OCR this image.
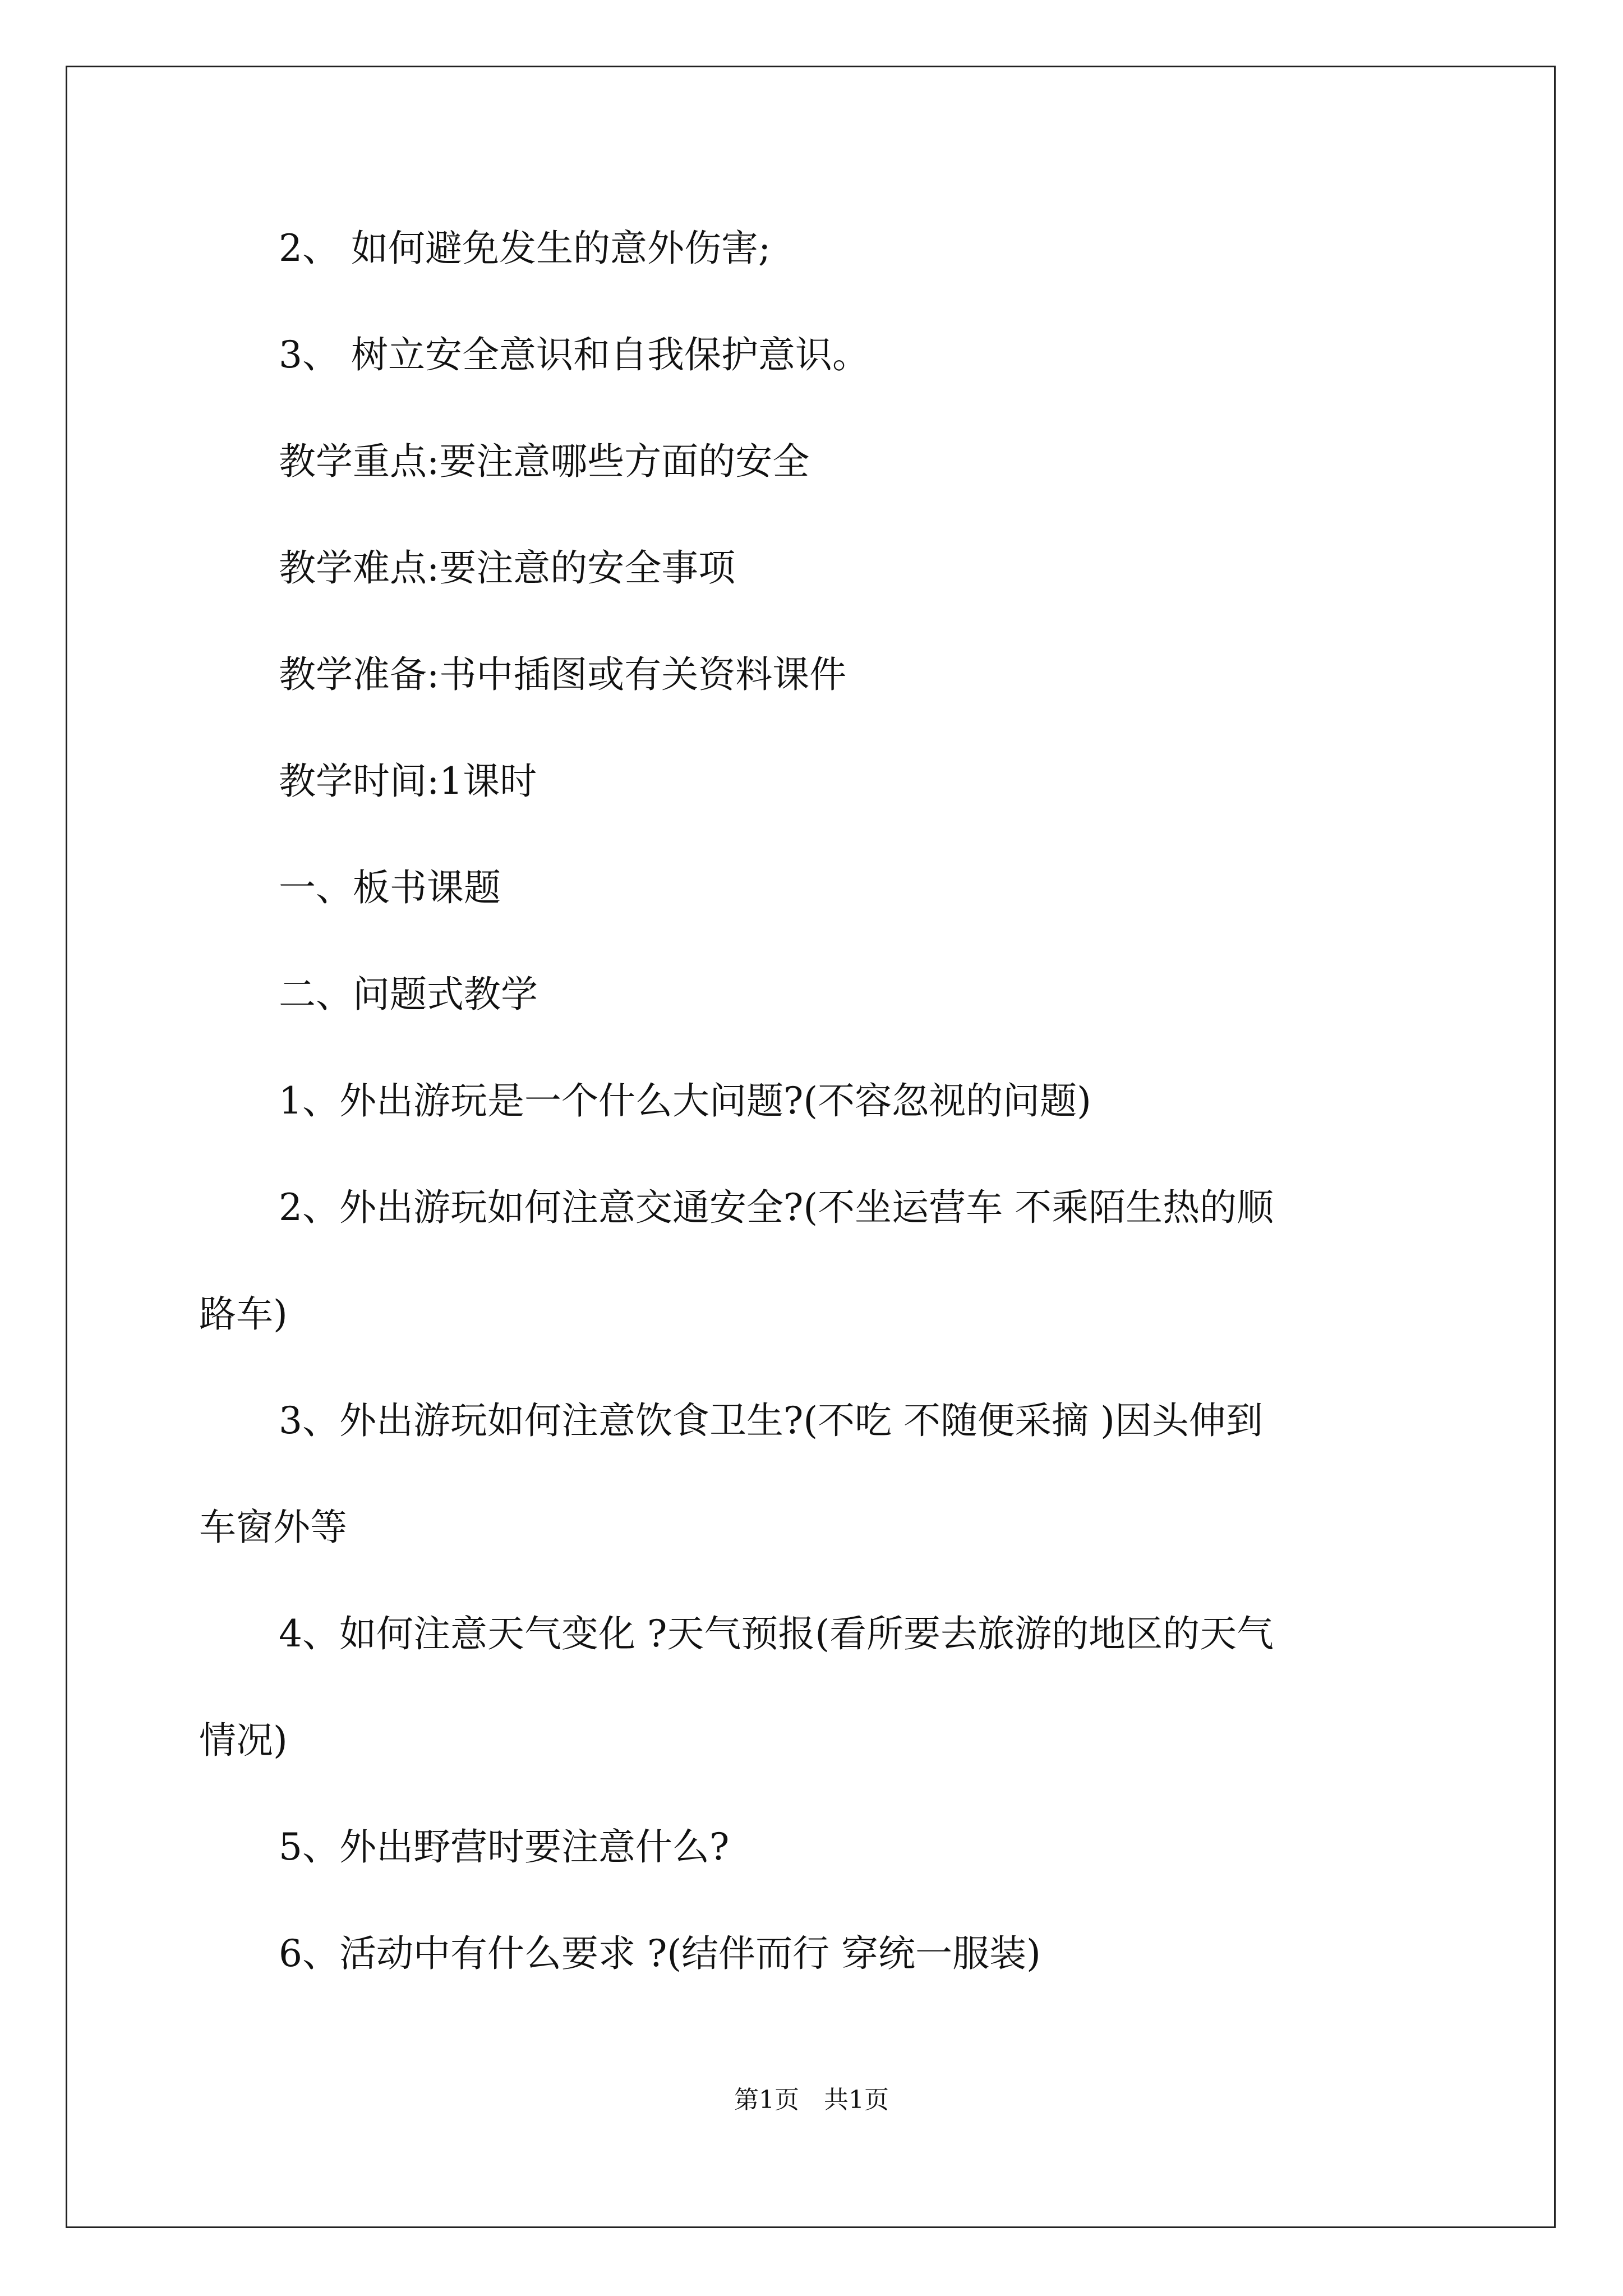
2、 如何避免发生的意外伤害;
3、 树立安全意识和自我保护意识。
教学重点:要注意哪些方面的安全
教学难点:要注意的安全事项
教学准备:书中插图或有关资料课件
教学时间:1课时
一、板书课题
二、问题式教学
1、外出游玩是一个什么大问题?(不容忽视的问题)
2、外出游玩如何注意交通安全?(不坐运营车 不乘陌生热的顺
路车)
3、外出游玩如何注意饮食卫生?(不吃 不随便采摘 )因头伸到
车窗外等
4、如何注意天气变化 ?天气预报(看所要去旅游的地区的天气
情况)
5、外出野营时要注意什么?
6、活动中有什么要求 ?(结伴而行 穿统一服装)
第1页　共1页
